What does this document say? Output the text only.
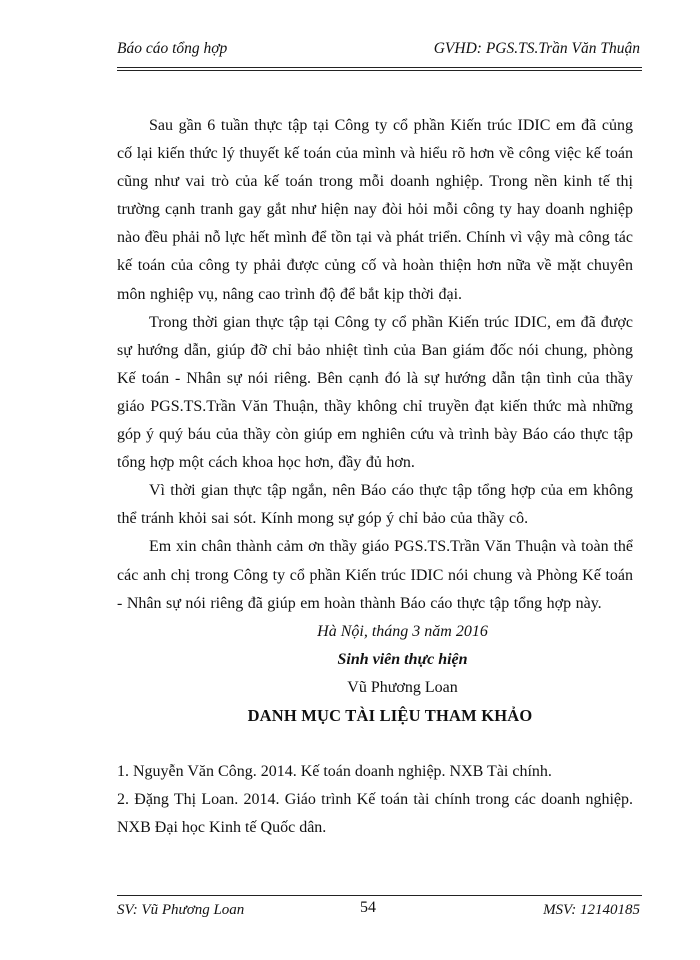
Báo cáo tổng hợp	GVHD: PGS.TS.Trần Văn Thuận

Sau gần 6 tuần thực tập tại Công ty cổ phần Kiến trúc IDIC em đã củng cố lại kiến thức lý thuyết kế toán của mình và hiểu rõ hơn về công việc kế toán cũng như vai trò của kế toán trong mỗi doanh nghiệp. Trong nền kinh tế thị trường cạnh tranh gay gắt như hiện nay đòi hỏi mỗi công ty hay doanh nghiệp nào đều phải nỗ lực hết mình để tồn tại và phát triển. Chính vì vậy mà công tác kế toán của công ty phải được củng cố và hoàn thiện hơn nữa về mặt chuyên môn nghiệp vụ, nâng cao trình độ để bắt kịp thời đại.

Trong thời gian thực tập tại Công ty cổ phần Kiến trúc IDIC, em đã được sự hướng dẫn, giúp đỡ chỉ bảo nhiệt tình của Ban giám đốc nói chung, phòng Kế toán - Nhân sự nói riêng. Bên cạnh đó là sự hướng dẫn tận tình của thầy giáo PGS.TS.Trần Văn Thuận, thầy không chỉ truyền đạt kiến thức mà những góp ý quý báu của thầy còn giúp em nghiên cứu và trình bày Báo cáo thực tập tổng hợp một cách khoa học hơn, đầy đủ hơn.

Vì thời gian thực tập ngắn, nên Báo cáo thực tập tổng hợp của em không thể tránh khỏi sai sót. Kính mong sự góp ý chỉ bảo của thầy cô.

Em xin chân thành cảm ơn thầy giáo PGS.TS.Trần Văn Thuận và toàn thể các anh chị trong Công ty cổ phần Kiến trúc IDIC nói chung và Phòng Kế toán - Nhân sự nói riêng đã giúp em hoàn thành Báo cáo thực tập tổng hợp này.

Hà Nội, tháng 3 năm 2016
Sinh viên thực hiện
Vũ Phương Loan
DANH MỤC TÀI LIỆU THAM KHẢO

1. Nguyễn Văn Công. 2014. Kế toán doanh nghiệp. NXB Tài chính.

2. Đặng Thị Loan. 2014. Giáo trình Kế toán tài chính trong các doanh nghiệp. NXB Đại học Kinh tế Quốc dân.

SV: Vũ Phương Loan	54	MSV: 12140185
